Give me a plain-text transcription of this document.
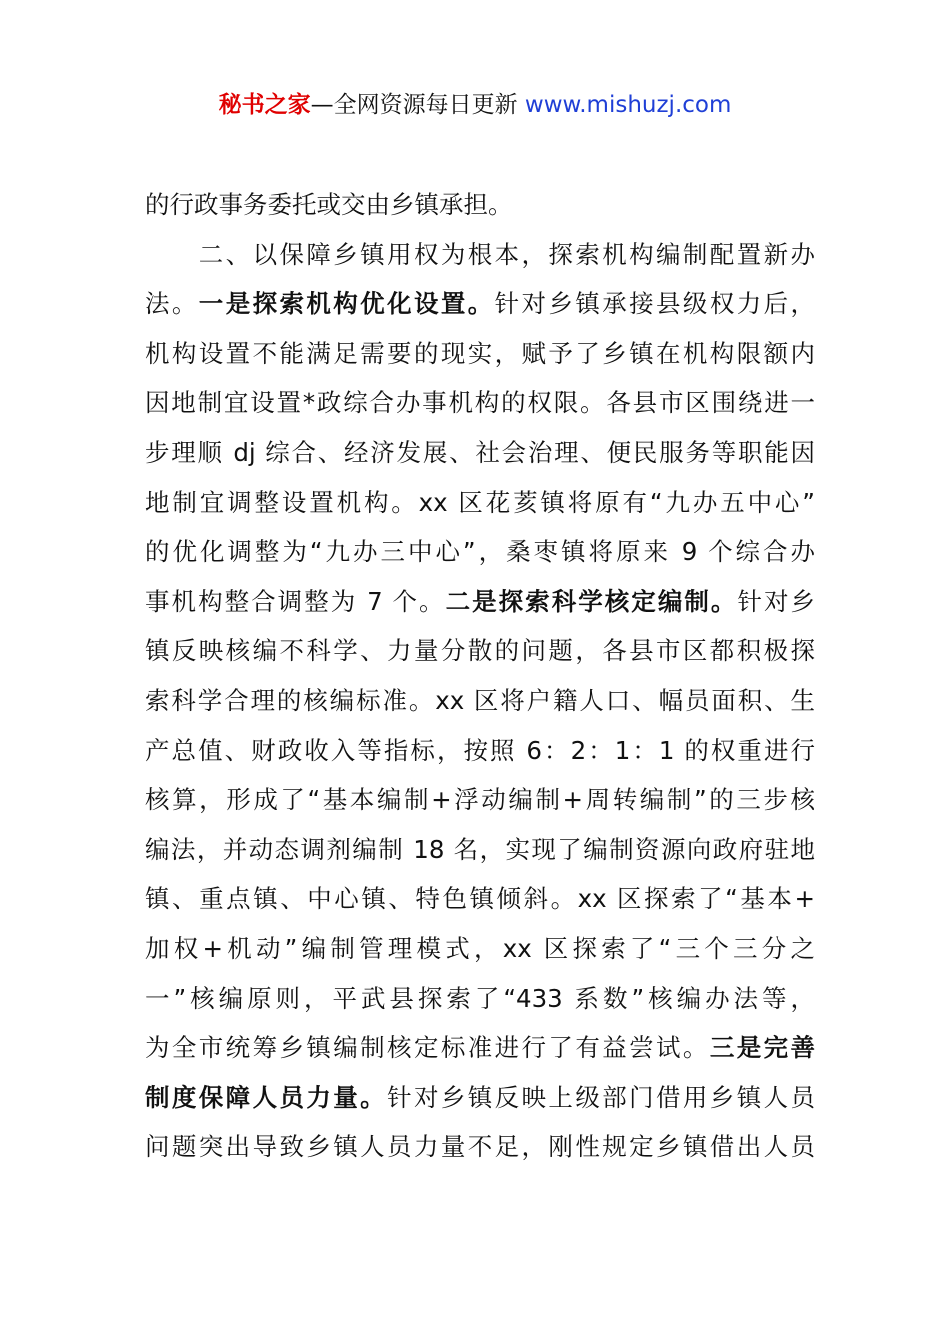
秘书之家—全网资源每日更新 www.mishuzj.com
的行政事务委托或交由乡镇承担。
　　二、以保障乡镇用权为根本，探索机构编制配置新办
法。一是探索机构优化设置。针对乡镇承接县级权力后，
机构设置不能满足需要的现实，赋予了乡镇在机构限额内
因地制宜设置*政综合办事机构的权限。各县市区围绕进一
步理顺 dj 综合、经济发展、社会治理、便民服务等职能因
地制宜调整设置机构。xx 区花荄镇将原有“九办五中心”
的优化调整为“九办三中心”，桑枣镇将原来 9 个综合办
事机构整合调整为 7 个。二是探索科学核定编制。针对乡
镇反映核编不科学、力量分散的问题，各县市区都积极探
索科学合理的核编标准。xx 区将户籍人口、幅员面积、生
产总值、财政收入等指标，按照 6：2：1：1 的权重进行
核算，形成了“基本编制+浮动编制+周转编制”的三步核
编法，并动态调剂编制 18 名，实现了编制资源向政府驻地
镇、重点镇、中心镇、特色镇倾斜。xx 区探索了“基本+
加权+机动”编制管理模式，xx 区探索了“三个三分之
一”核编原则，平武县探索了“433 系数”核编办法等，
为全市统筹乡镇编制核定标准进行了有益尝试。三是完善
制度保障人员力量。针对乡镇反映上级部门借用乡镇人员
问题突出导致乡镇人员力量不足，刚性规定乡镇借出人员
